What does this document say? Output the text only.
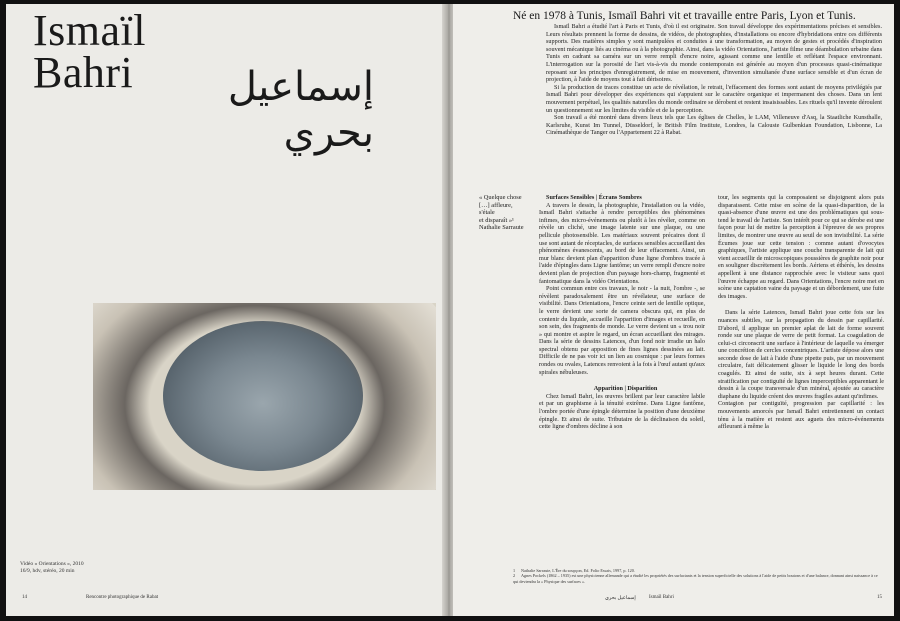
Ismaïl
Bahri	إسماعيل
بحري
Vidéo « Orientations », 2010
16/9, hdv, stéréo, 20 min
14	Rencontre photographique de Rabat
Né en 1978 à Tunis, Ismaïl Bahri vit et travaille entre Paris, Lyon et Tunis.

Ismaïl Bahri a étudié l'art à Paris et Tunis, d'où il est originaire. Son travail développe des expérimentations précises et sensibles. Leurs résultats prennent la forme de dessins, de vidéos, de photographies, d'installations ou encore d'hybridations entre ces différents supports. Des matières simples y sont manipulées et conduites à une transformation, au moyen de gestes et procédés d'inspiration souvent mécanique liés au cinéma ou à la photographie. Ainsi, dans la vidéo Orientations, l'artiste filme une déambulation urbaine dans Tunis en cadrant sa caméra sur un verre rempli d'encre noire, agissant comme une lentille et reflétant l'espace environnant. L'interrogation sur la porosité de l'art vis-à-vis du monde contemporain est générée au moyen d'un processus quasi-cinématique reposant sur les principes d'enregistrement, de mise en mouvement, d'invention simultanée d'une surface sensible et d'un écran de projection, à l'aide de moyens tout à fait dérisoires.

Si la production de traces constitue un acte de révélation, le retrait, l'effacement des formes sont autant de moyens privilégiés par Ismaïl Bahri pour développer des expériences qui s'appuient sur le caractère organique et impermanent des choses. Dans un lent mouvement perpétuel, les qualités naturelles du monde ordinaire se dérobent et restent insaisissables. Les rituels qu'il invente déroulent un questionnement sur les limites du visible et de la perception.

Son travail a été montré dans divers lieux tels que Les églises de Chelles, le LAM, Villeneuve d'Asq, la Staatliche Kunsthalle, Karlsruhe, Kunst Im Tunnel, Düsseldorf, le British Film Institute, Londres, la Calouste Gulbenkian Foundation, Lisbonne, La Cinémathèque de Tanger ou l'Appartement 22 à Rabat.

« Quelque chose
[…] affleure,
s'étale
et disparaît »¹
Nathalie Sarraute

Surfaces Sensibles | Écrans Sombres

A travers le dessin, la photographie, l'installation ou la vidéo, Ismaïl Bahri s'attache à rendre perceptibles des phénomènes infimes, des micro-événements ou plutôt à les révéler, comme on révèle un cliché, une image latente sur une plaque, ou une pellicule photosensible. Les matériaux souvent précaires dont il use sont autant de réceptacles, de surfaces sensibles accueillant des phénomènes évanescents, au bord de leur effacement. Ainsi, un mur blanc devient plan d'apparition d'une ligne d'ombres tracée à l'aide d'épingles dans Ligne fantôme; un verre rempli d'encre noire devient plan de projection d'un paysage hors-champ, fragmenté et fantomatique dans la vidéo Orientations.

Point commun entre ces travaux, le noir - la nuit, l'ombre -, se révèlent paradoxalement être un révélateur, une surface de visibilité. Dans Orientations, l'encre ceinte sert de lentille optique, le verre devient une sorte de camera obscura qui, en plus de contenir du liquide, accueille l'apparition d'images et recueille, en son sein, des fragments de monde. Le verre devient un « trou noir » qui montre et aspire le regard, un écran accueillant des mirages. Dans la série de dessins Latences, d'un fond noir irradie un halo spectral obtenu par apposition de fines lignes dessinées au lait. Difficile de ne pas voir ici un lien au cosmique : par leurs formes rondes ou ovales, Latences renvoient à la fois à l'œuf autant qu'aux spirales nébuleuses.

Apparition | Disparition

Chez Ismaïl Bahri, les œuvres brillent par leur caractère labile et par un graphisme à la ténuité extrême. Dans Ligne fantôme, l'ombre portée d'une épingle détermine la position d'une deuxième épingle. Et ainsi de suite. Tributaire de la déclinaison du soleil, cette ligne d'ombres décline à son

tour, les segments qui la composaient se disjoignent alors puis disparaissent. Cette mise en scène de la quasi-disparition, de la quasi-absence d'une œuvre est une des problématiques qui sous-tend le travail de l'artiste. Son intérêt pour ce qui se dérobe est une façon pour lui de mettre la perception à l'épreuve de ses propres limites, de montrer une œuvre au seuil de son invisibilité. La série Écumes joue sur cette tension : comme autant d'ovocytes graphiques, l'artiste applique une couche transparente de lait qui vient accueillir de microscopiques poussières de graphite noir pour en souligner discrètement les bords. Aériens et éthérés, les dessins appellent à une distance rapprochée avec le visiteur sans quoi l'œuvre échappe au regard. Dans Orientations, l'encre noire met en scène une captation vaine du paysage et un débordement, une fuite des images.

Dans la série Latences, Ismaïl Bahri joue cette fois sur les nuances subtiles, sur la propagation du dessin par capillarité. D'abord, il applique un premier aplat de lait de forme souvent ronde sur une plaque de verre de petit format. La coagulation de celui-ci circonscrit une surface à l'intérieur de laquelle va émerger une concrétion de cercles concentriques. L'artiste dépose alors une seconde dose de lait à l'aide d'une pipette puis, par un mouvement circulaire, fait délicatement glisser le liquide le long des bords coagulés. Et ainsi de suite, six à sept heures durant. Cette stratification par contiguïté de lignes imperceptibles apparentant le dessin à la coupe transversale d'un minéral, ajoutée au caractère diaphane du liquide créent des œuvres fragiles autant qu'infimes.

Contagion par contiguïté, progression par capillarité : les mouvements amorcés par Ismaïl Bahri entretiennent un contact ténu à la matière et restent aux aguets des micro-événements affleurant à même la

1 Nathalie Sarraute, L'Ère du soupçon, Ed. Folio Essais, 1997, p. 120.
2 Agnes Pockels (1862 – 1935) est une physicienne allemande qui a étudié les propriétés des surfactants et la tension superficielle des solutions à l'aide de petits boutons et d'une balance, donnant ainsi naissance à ce qui deviendra la « Physique des surfaces ».
إسماعيل بحري	Ismaïl Bahri	15
